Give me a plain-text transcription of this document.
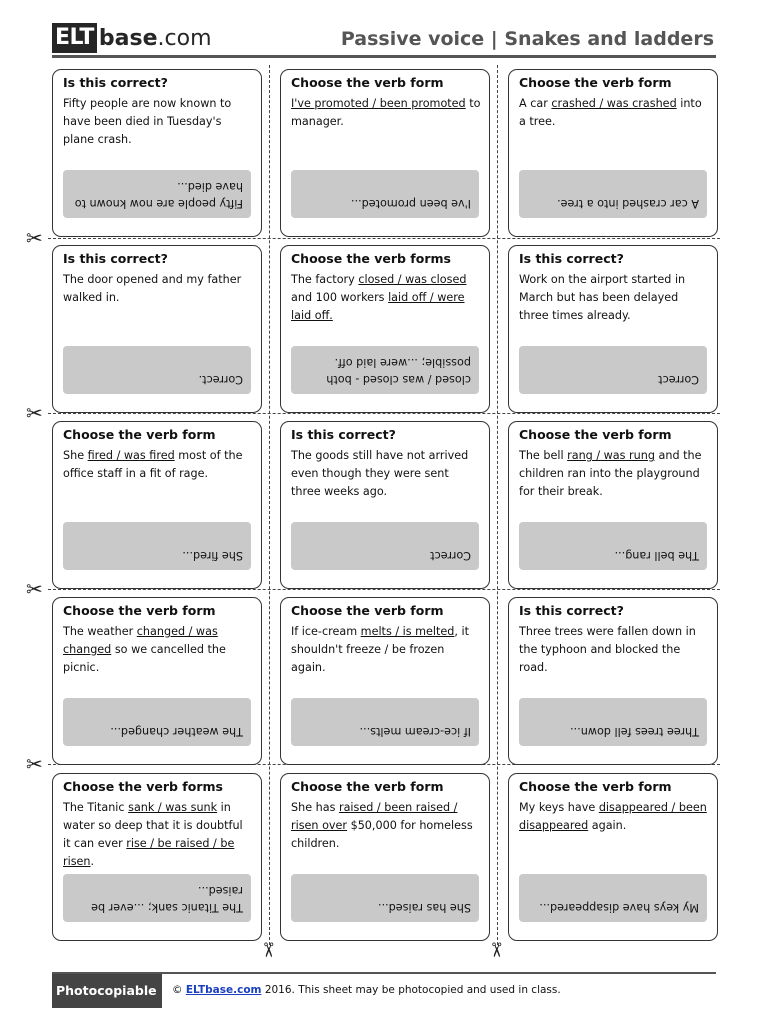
ELT base.com	Passive voice | Snakes and ladders
✂
✂
✂
✂
✂	✂
Is this correct?
Fifty people are now known to have been died in Tuesday's plane crash.
Fifty people are now known to have died...
Choose the verb form
I've promoted / been promoted to manager.
I've been promoted...
Choose the verb form
A car crashed / was crashed into a tree.
A car crashed into a tree.
Is this correct?
The door opened and my father walked in.
Correct.
Choose the verb forms
The factory closed / was closed and 100 workers laid off / were laid off.
closed / was closed - both possible; ...were laid off.
Is this correct?
Work on the airport started in March but has been delayed three times already.
Correct
Choose the verb form
She fired / was fired most of the office staff in a fit of rage.
She fired...
Is this correct?
The goods still have not arrived even though they were sent three weeks ago.
Correct
Choose the verb form
The bell rang / was rung and the children ran into the playground for their break.
The bell rang...
Choose the verb form
The weather changed / was changed so we cancelled the picnic.
The weather changed...
Choose the verb form
If ice-cream melts / is melted, it shouldn't freeze / be frozen again.
If ice-cream melts...
Is this correct?
Three trees were fallen down in the typhoon and blocked the road.
Three trees fell down...
Choose the verb forms
The Titanic sank / was sunk in water so deep that it is doubtful it can ever rise / be raised / be risen.
The Titanic sank; ...ever be raised...
Choose the verb form
She has raised / been raised / risen over $50,000 for homeless children.
She has raised...
Choose the verb form
My keys have disappeared / been disappeared again.
My keys have disappeared...
Photocopiable	© ELTbase.com 2016. This sheet may be photocopied and used in class.
